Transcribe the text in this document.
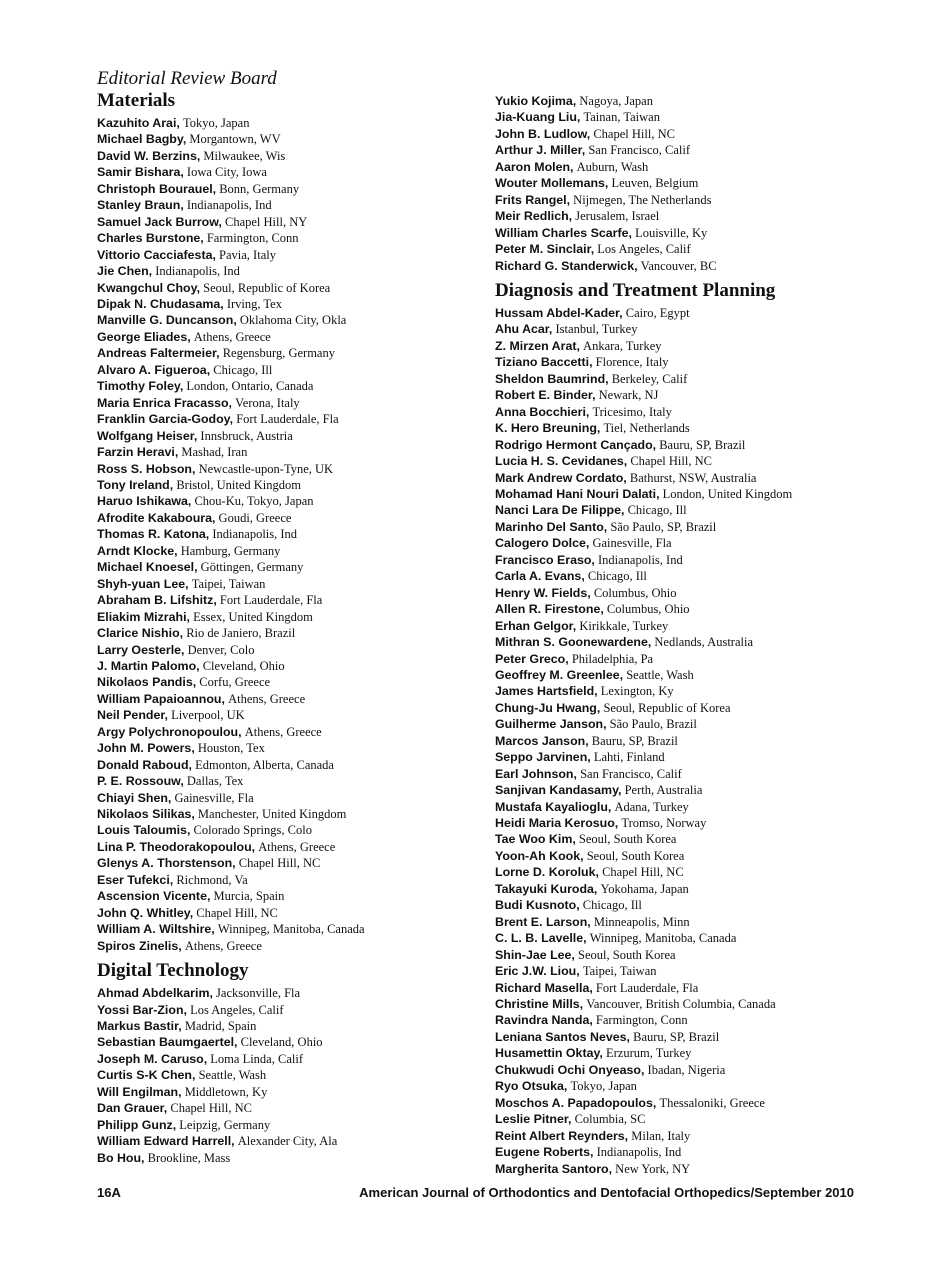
Editorial Review Board
Materials
Kazuhito Arai, Tokyo, Japan
Michael Bagby, Morgantown, WV
David W. Berzins, Milwaukee, Wis
Samir Bishara, Iowa City, Iowa
Christoph Bourauel, Bonn, Germany
Stanley Braun, Indianapolis, Ind
Samuel Jack Burrow, Chapel Hill, NY
Charles Burstone, Farmington, Conn
Vittorio Cacciafesta, Pavia, Italy
Jie Chen, Indianapolis, Ind
Kwangchul Choy, Seoul, Republic of Korea
Dipak N. Chudasama, Irving, Tex
Manville G. Duncanson, Oklahoma City, Okla
George Eliades, Athens, Greece
Andreas Faltermeier, Regensburg, Germany
Alvaro A. Figueroa, Chicago, Ill
Timothy Foley, London, Ontario, Canada
Maria Enrica Fracasso, Verona, Italy
Franklin Garcia-Godoy, Fort Lauderdale, Fla
Wolfgang Heiser, Innsbruck, Austria
Farzin Heravi, Mashad, Iran
Ross S. Hobson, Newcastle-upon-Tyne, UK
Tony Ireland, Bristol, United Kingdom
Haruo Ishikawa, Chou-Ku, Tokyo, Japan
Afrodite Kakaboura, Goudi, Greece
Thomas R. Katona, Indianapolis, Ind
Arndt Klocke, Hamburg, Germany
Michael Knoesel, Göttingen, Germany
Shyh-yuan Lee, Taipei, Taiwan
Abraham B. Lifshitz, Fort Lauderdale, Fla
Eliakim Mizrahi, Essex, United Kingdom
Clarice Nishio, Rio de Janiero, Brazil
Larry Oesterle, Denver, Colo
J. Martin Palomo, Cleveland, Ohio
Nikolaos Pandis, Corfu, Greece
William Papaioannou, Athens, Greece
Neil Pender, Liverpool, UK
Argy Polychronopoulou, Athens, Greece
John M. Powers, Houston, Tex
Donald Raboud, Edmonton, Alberta, Canada
P. E. Rossouw, Dallas, Tex
Chiayi Shen, Gainesville, Fla
Nikolaos Silikas, Manchester, United Kingdom
Louis Taloumis, Colorado Springs, Colo
Lina P. Theodorakopoulou, Athens, Greece
Glenys A. Thorstenson, Chapel Hill, NC
Eser Tufekci, Richmond, Va
Ascension Vicente, Murcia, Spain
John Q. Whitley, Chapel Hill, NC
William A. Wiltshire, Winnipeg, Manitoba, Canada
Spiros Zinelis, Athens, Greece
Digital Technology
Ahmad Abdelkarim, Jacksonville, Fla
Yossi Bar-Zion, Los Angeles, Calif
Markus Bastir, Madrid, Spain
Sebastian Baumgaertel, Cleveland, Ohio
Joseph M. Caruso, Loma Linda, Calif
Curtis S-K Chen, Seattle, Wash
Will Engilman, Middletown, Ky
Dan Grauer, Chapel Hill, NC
Philipp Gunz, Leipzig, Germany
William Edward Harrell, Alexander City, Ala
Bo Hou, Brookline, Mass
Yukio Kojima, Nagoya, Japan
Jia-Kuang Liu, Tainan, Taiwan
John B. Ludlow, Chapel Hill, NC
Arthur J. Miller, San Francisco, Calif
Aaron Molen, Auburn, Wash
Wouter Mollemans, Leuven, Belgium
Frits Rangel, Nijmegen, The Netherlands
Meir Redlich, Jerusalem, Israel
William Charles Scarfe, Louisville, Ky
Peter M. Sinclair, Los Angeles, Calif
Richard G. Standerwick, Vancouver, BC
Diagnosis and Treatment Planning
Hussam Abdel-Kader, Cairo, Egypt
Ahu Acar, Istanbul, Turkey
Z. Mirzen Arat, Ankara, Turkey
Tiziano Baccetti, Florence, Italy
Sheldon Baumrind, Berkeley, Calif
Robert E. Binder, Newark, NJ
Anna Bocchieri, Tricesimo, Italy
K. Hero Breuning, Tiel, Netherlands
Rodrigo Hermont Cançado, Bauru, SP, Brazil
Lucia H. S. Cevidanes, Chapel Hill, NC
Mark Andrew Cordato, Bathurst, NSW, Australia
Mohamad Hani Nouri Dalati, London, United Kingdom
Nanci Lara De Filippe, Chicago, Ill
Marinho Del Santo, São Paulo, SP, Brazil
Calogero Dolce, Gainesville, Fla
Francisco Eraso, Indianapolis, Ind
Carla A. Evans, Chicago, Ill
Henry W. Fields, Columbus, Ohio
Allen R. Firestone, Columbus, Ohio
Erhan Gelgor, Kirikkale, Turkey
Mithran S. Goonewardene, Nedlands, Australia
Peter Greco, Philadelphia, Pa
Geoffrey M. Greenlee, Seattle, Wash
James Hartsfield, Lexington, Ky
Chung-Ju Hwang, Seoul, Republic of Korea
Guilherme Janson, São Paulo, Brazil
Marcos Janson, Bauru, SP, Brazil
Seppo Jarvinen, Lahti, Finland
Earl Johnson, San Francisco, Calif
Sanjivan Kandasamy, Perth, Australia
Mustafa Kayalioglu, Adana, Turkey
Heidi Maria Kerosuo, Tromso, Norway
Tae Woo Kim, Seoul, South Korea
Yoon-Ah Kook, Seoul, South Korea
Lorne D. Koroluk, Chapel Hill, NC
Takayuki Kuroda, Yokohama, Japan
Budi Kusnoto, Chicago, Ill
Brent E. Larson, Minneapolis, Minn
C. L. B. Lavelle, Winnipeg, Manitoba, Canada
Shin-Jae Lee, Seoul, South Korea
Eric J.W. Liou, Taipei, Taiwan
Richard Masella, Fort Lauderdale, Fla
Christine Mills, Vancouver, British Columbia, Canada
Ravindra Nanda, Farmington, Conn
Leniana Santos Neves, Bauru, SP, Brazil
Husamettin Oktay, Erzurum, Turkey
Chukwudi Ochi Onyeaso, Ibadan, Nigeria
Ryo Otsuka, Tokyo, Japan
Moschos A. Papadopoulos, Thessaloniki, Greece
Leslie Pitner, Columbia, SC
Reint Albert Reynders, Milan, Italy
Eugene Roberts, Indianapolis, Ind
Margherita Santoro, New York, NY
16A	American Journal of Orthodontics and Dentofacial Orthopedics/September 2010
